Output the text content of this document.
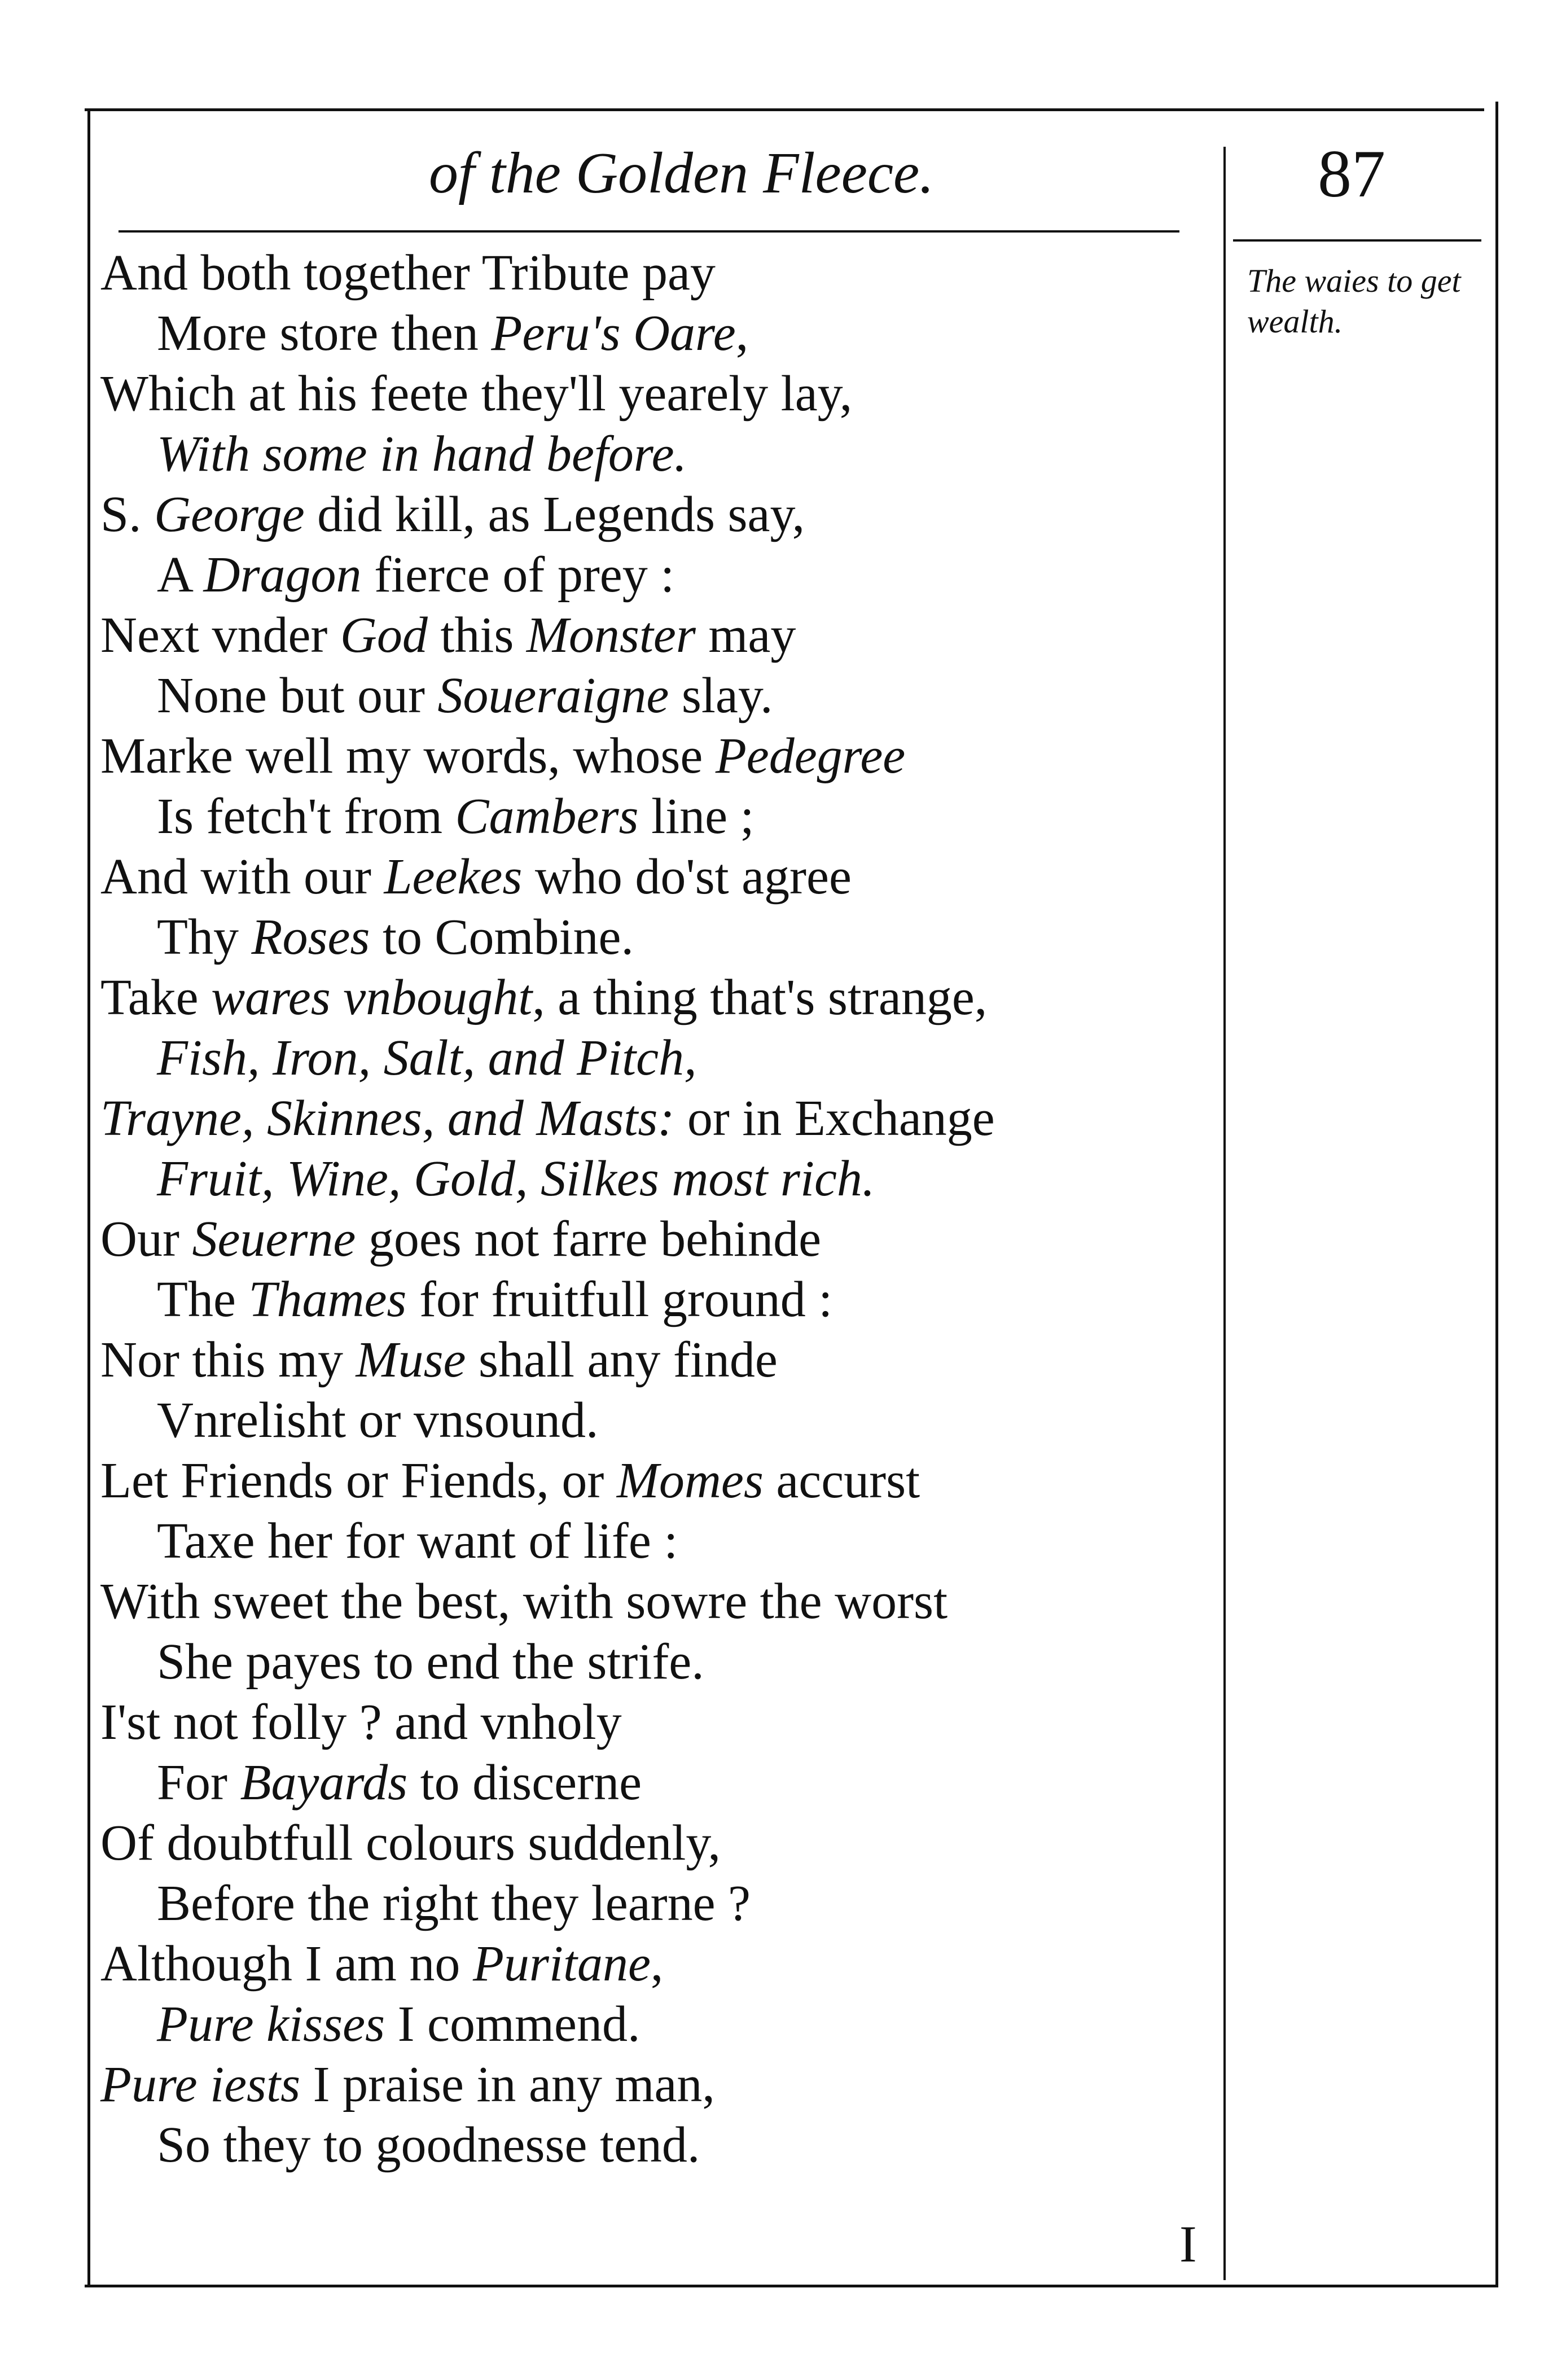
of the Golden Fleece.	87
The waies to get wealth.
I
And both together Tribute pay
More store then Peru's Oare,
Which at his feete they'll yearely lay,
With some in hand before.
S. George did kill, as Legends say,
A Dragon fierce of prey :
Next vnder God this Monster may
None but our Soueraigne slay.
Marke well my words, whose Pedegree
Is fetch't from Cambers line ;
And with our Leekes who do'st agree
Thy Roses to Combine.
Take wares vnbought, a thing that's strange,
Fish, Iron, Salt, and Pitch,
Trayne, Skinnes, and Masts: or in Exchange
Fruit, Wine, Gold, Silkes most rich.
Our Seuerne goes not farre behinde
The Thames for fruitfull ground :
Nor this my Muse shall any finde
Vnrelisht or vnsound.
Let Friends or Fiends, or Momes accurst
Taxe her for want of life :
With sweet the best, with sowre the worst
She payes to end the strife.
I'st not folly ? and vnholy
For Bayards to discerne
Of doubtfull colours suddenly,
Before the right they learne ?
Although I am no Puritane,
Pure kisses I commend.
Pure iests I praise in any man,
So they to goodnesse tend.
